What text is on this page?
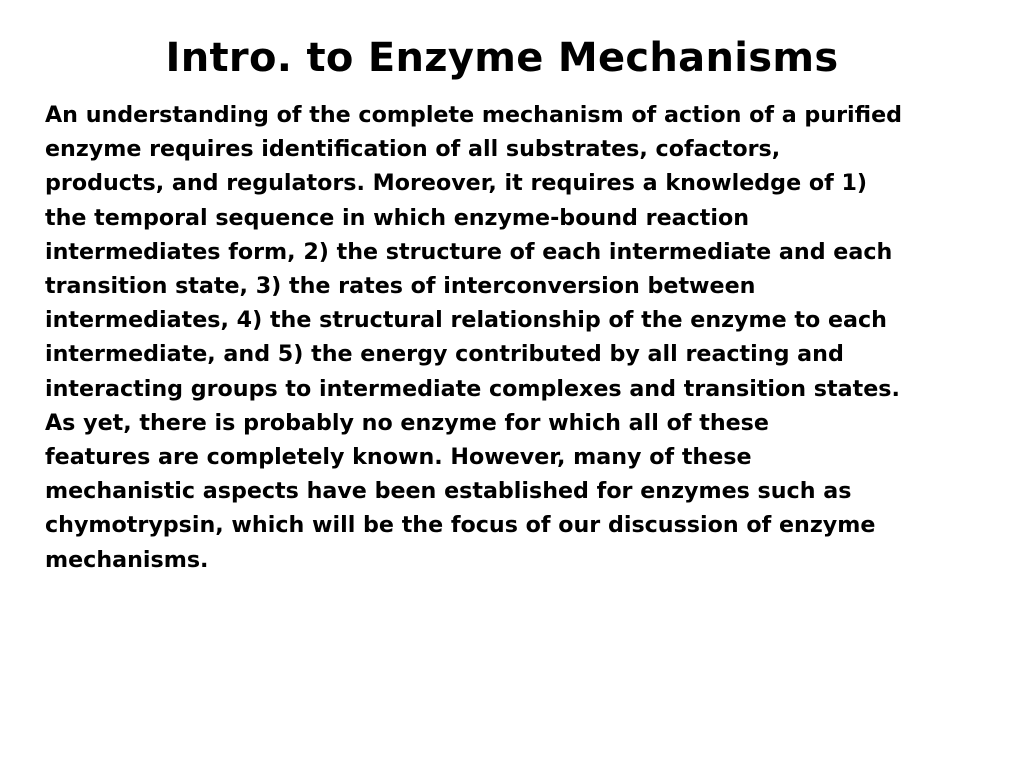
Intro. to Enzyme Mechanisms

An understanding of the complete mechanism of action of a purified
enzyme requires identification of all substrates, cofactors,
products, and regulators. Moreover, it requires a knowledge of 1)
the temporal sequence in which enzyme-bound reaction
intermediates form, 2) the structure of each intermediate and each
transition state, 3) the rates of interconversion between
intermediates, 4) the structural relationship of the enzyme to each
intermediate, and 5) the energy contributed by all reacting and
interacting groups to intermediate complexes and transition states.
As yet, there is probably no enzyme for which all of these
features are completely known. However, many of these
mechanistic aspects have been established for enzymes such as
chymotrypsin, which will be the focus of our discussion of enzyme
mechanisms.
